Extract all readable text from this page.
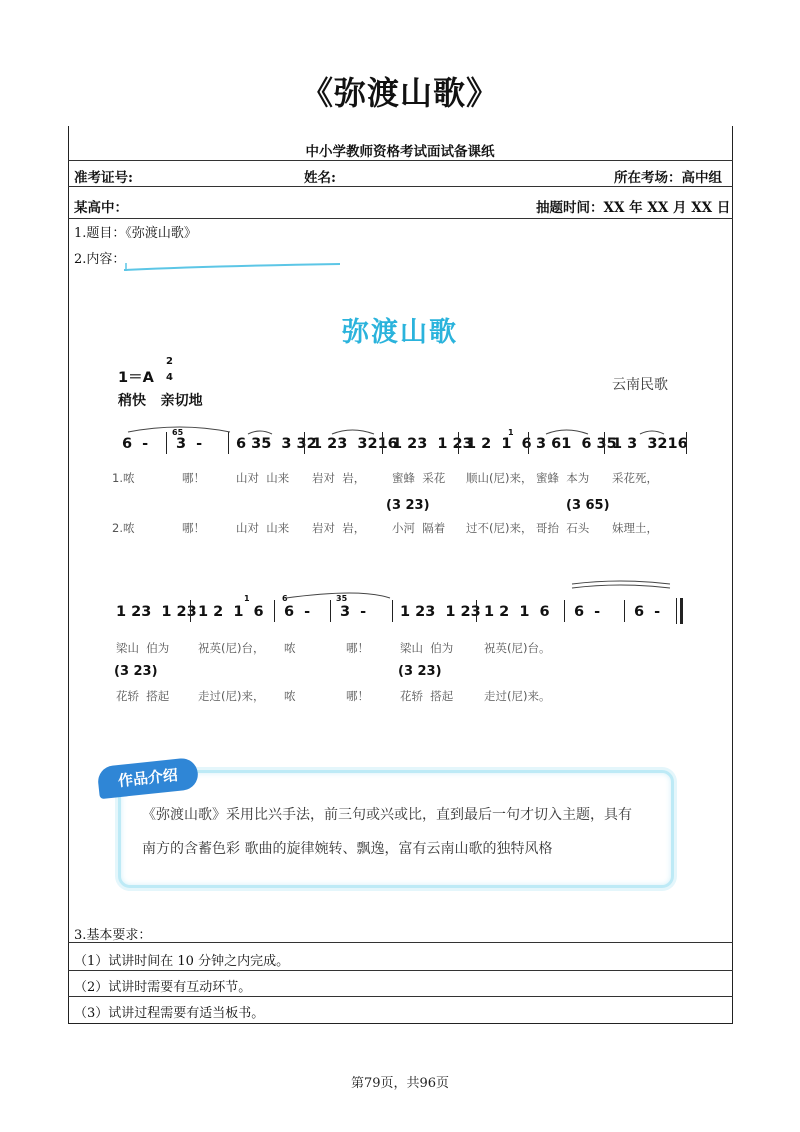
《弥渡山歌》
中小学教师资格考试面试备课纸
准考证号:	姓名:	所在考场：高中组
某高中：	抽题时间：XX 年 XX 月 XX 日
1.题目：《弥渡山歌》
2.内容：
弥渡山歌
1＝A
2
4
稍快   亲切地
云南民歌
6  - 3  - 6 35  3 32
1 23  3216
1 23  1 23
1 2  1  6 3 61  6 35
1 3  3216
65	1
1.哝	哪！	山对  山来 岩对  岩， 蜜蜂  采花 顺山(尼)来， 蜜蜂  本为 采花死，
(3 23)	(3 65)
2.哝	哪！	山对  山来 岩对  岩， 小河  隔着 过不(尼)来， 哥抬  石头 妹理土，
1 23  1 23 1 2  1  6 6  - 3  - 1 23  1 23 1 2  1  6 6  - 6  -
6	35
1
梁山  伯为 祝英(尼)台， 哝	哪！	梁山  伯为	祝英(尼)台。
(3 23)	(3 23)
花轿  搭起 走过(尼)来， 哝	哪！	花轿  搭起	走过(尼)来。
作品介绍
《弥渡山歌》采用比兴手法，前三句或兴或比，直到最后一句才切入主题，具有
南方的含蓄色彩 歌曲的旋律婉转、飘逸，富有云南山歌的独特风格
3.基本要求：
（1）试讲时间在 10 分钟之内完成。
（2）试讲时需要有互动环节。
（3）试讲过程需要有适当板书。
第79页，共96页
